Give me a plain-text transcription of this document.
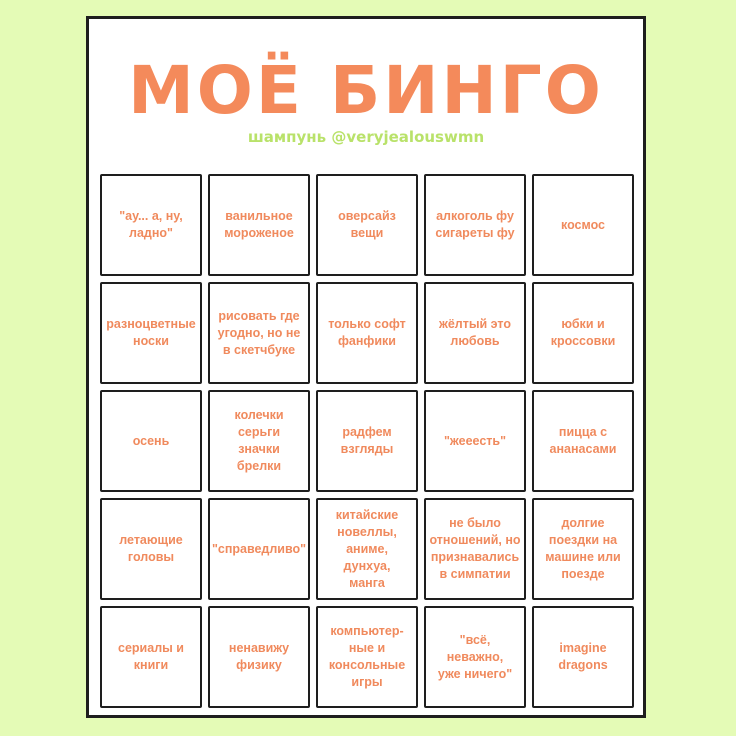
МОЁ БИНГО
шампунь @veryjealouswmn
"ау... а, ну,
ладно"
ванильное
мороженое
оверсайз
вещи
алкоголь фу
сигареты фу
космос
разноцветные
носки
рисовать где
угодно, но не
в скетчбуке
только софт
фанфики
жёлтый это
любовь
юбки и
кроссовки
осень
колечки
серьги
значки
брелки
радфем
взгляды
"жееесть"
пицца с
ананасами
летающие
головы
"справедливо"
китайские
новеллы,
аниме,
дунхуа,
манга
не было
отношений, но
признавались
в симпатии
долгие
поездки на
машине или
поезде
сериалы и
книги
ненавижу
физику
компьютер-
ные и
консольные
игры
"всё,
неважно,
уже ничего"
imagine
dragons
